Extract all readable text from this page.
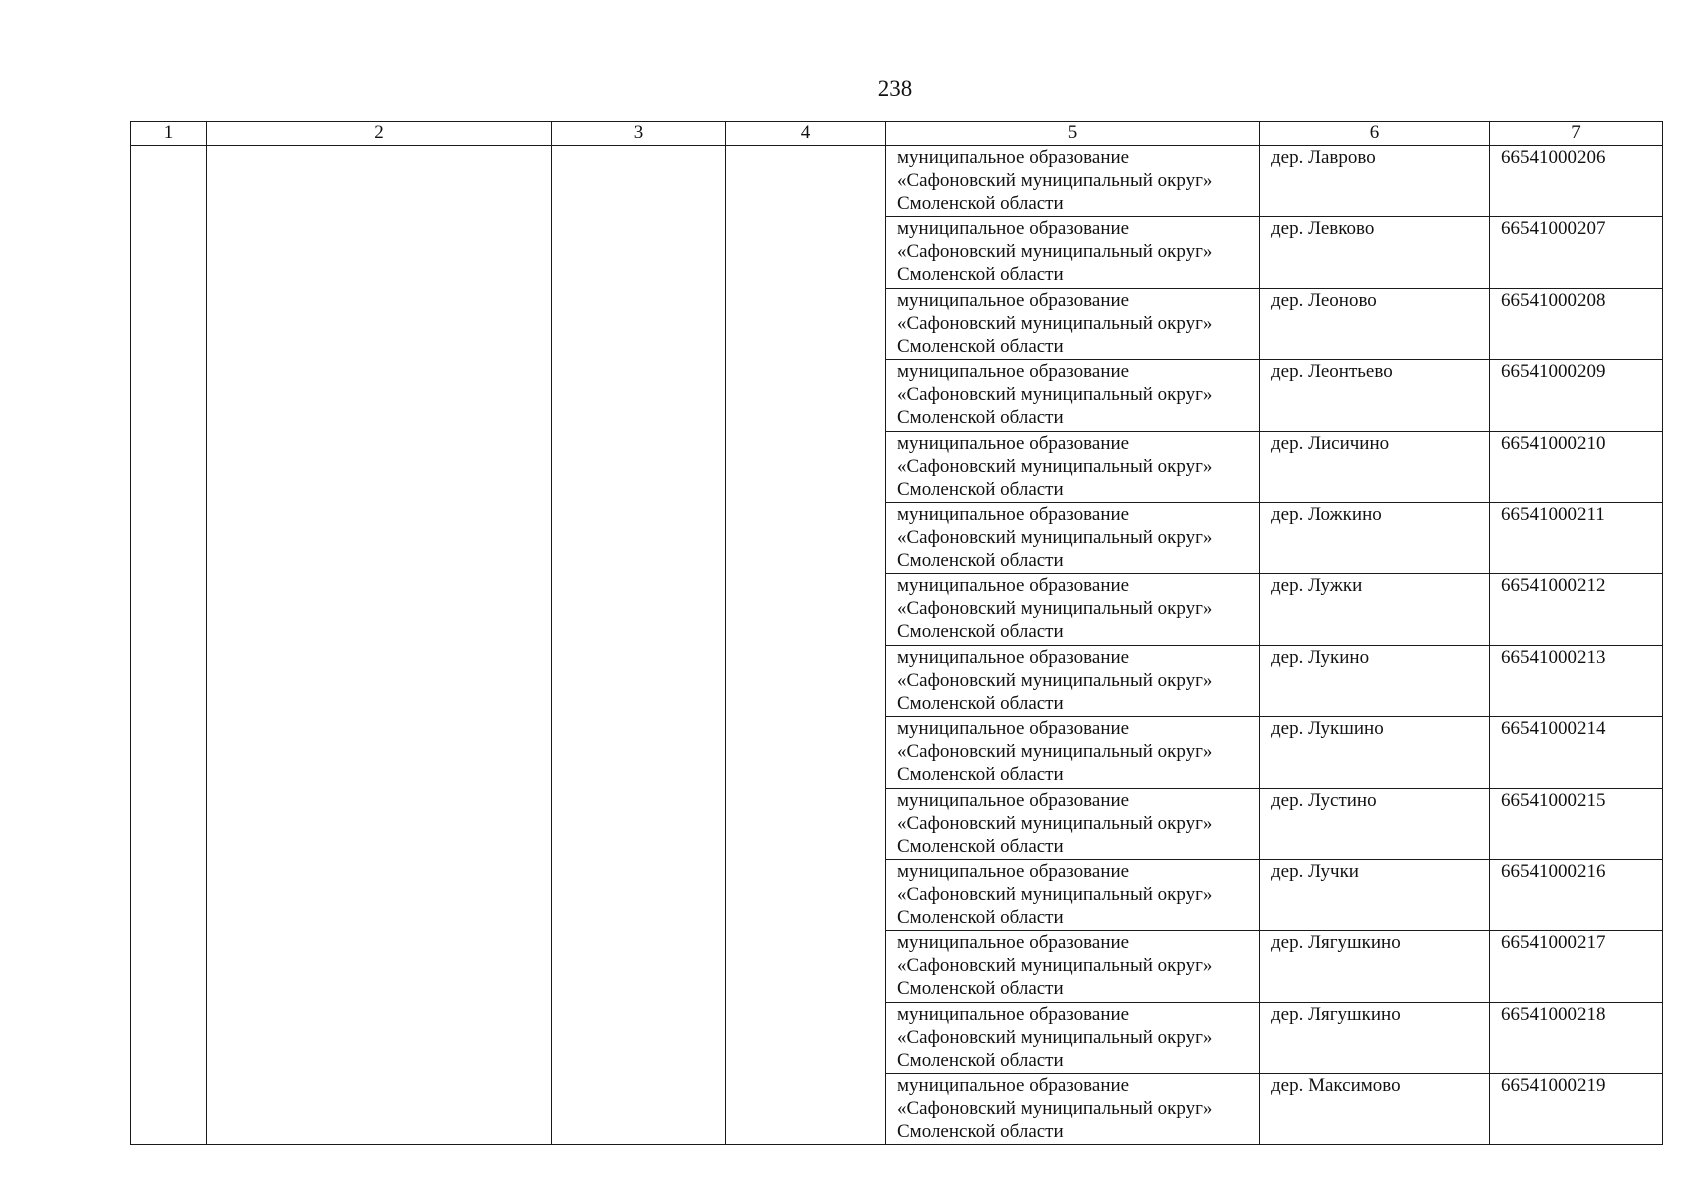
238
1	2	3	4	5	6	7
				муниципальное образование
«Сафоновский муниципальный округ»
Смоленской области	дер. Лаврово	66541000206
				муниципальное образование
«Сафоновский муниципальный округ»
Смоленской области	дер. Левково	66541000207
				муниципальное образование
«Сафоновский муниципальный округ»
Смоленской области	дер. Леоново	66541000208
				муниципальное образование
«Сафоновский муниципальный округ»
Смоленской области	дер. Леонтьево	66541000209
				муниципальное образование
«Сафоновский муниципальный округ»
Смоленской области	дер. Лисичино	66541000210
				муниципальное образование
«Сафоновский муниципальный округ»
Смоленской области	дер. Ложкино	66541000211
				муниципальное образование
«Сафоновский муниципальный округ»
Смоленской области	дер. Лужки	66541000212
				муниципальное образование
«Сафоновский муниципальный округ»
Смоленской области	дер. Лукино	66541000213
				муниципальное образование
«Сафоновский муниципальный округ»
Смоленской области	дер. Лукшино	66541000214
				муниципальное образование
«Сафоновский муниципальный округ»
Смоленской области	дер. Лустино	66541000215
				муниципальное образование
«Сафоновский муниципальный округ»
Смоленской области	дер. Лучки	66541000216
				муниципальное образование
«Сафоновский муниципальный округ»
Смоленской области	дер. Лягушкино	66541000217
				муниципальное образование
«Сафоновский муниципальный округ»
Смоленской области	дер. Лягушкино	66541000218
				муниципальное образование
«Сафоновский муниципальный округ»
Смоленской области	дер. Максимово	66541000219
